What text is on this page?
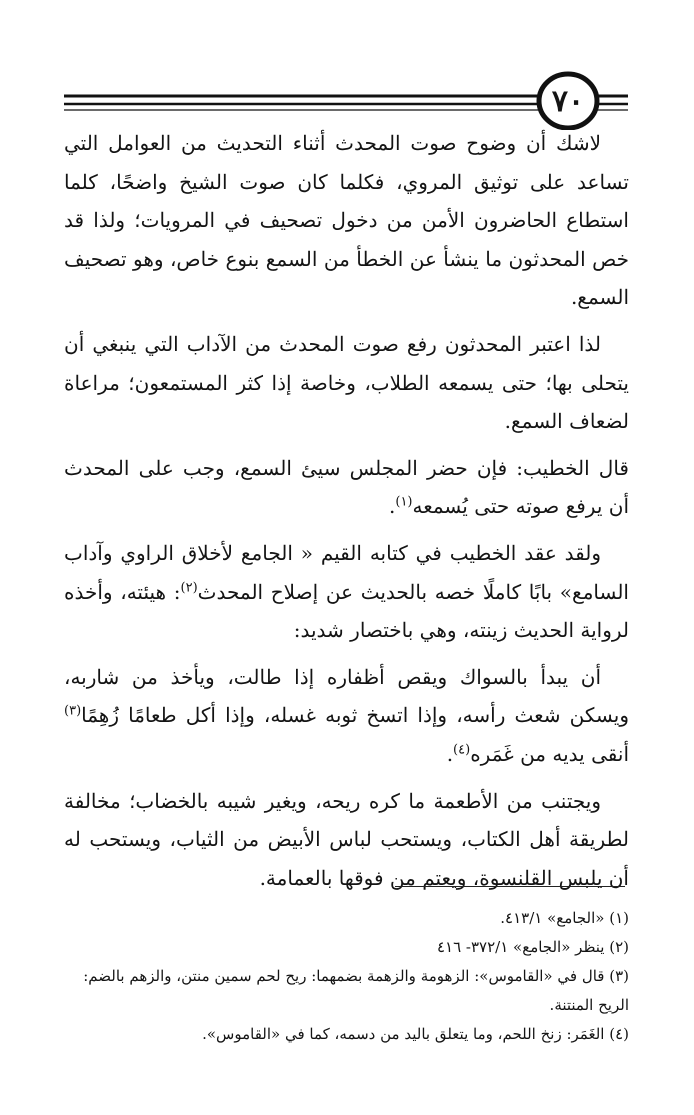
٧٠

لاشك أن وضوح صوت المحدث أثناء التحديث من العوامل التي تساعد على توثيق المروي، فكلما كان صوت الشيخ واضحًا، كلما استطاع الحاضرون الأمن من دخول تصحيف في المرويات؛ ولذا قد خص المحدثون ما ينشأ عن الخطأ من السمع بنوع خاص، وهو تصحيف السمع.

لذا اعتبر المحدثون رفع صوت المحدث من الآداب التي ينبغي أن يتحلى بها؛ حتى يسمعه الطلاب، وخاصة إذا كثر المستمعون؛ مراعاة لضعاف السمع.

قال الخطيب: فإن حضر المجلس سيئ السمع، وجب على المحدث أن يرفع صوته حتى يُسمعه$^{(١)}$.

ولقد عقد الخطيب في كتابه القيم « الجامع لأخلاق الراوي وآداب السامع» بابًا كاملًا خصه بالحديث عن إصلاح المحدث$^{(٢)}$: هيئته، وأخذه لرواية الحديث زينته، وهي باختصار شديد:

أن يبدأ بالسواك ويقص أظفاره إذا طالت، ويأخذ من شاربه، ويسكن شعث رأسه، وإذا اتسخ ثوبه غسله، وإذا أكل طعامًا زُهِمًا$^{(٣)}$ أنقى يديه من غَمَره$^{(٤)}$.

ويجتنب من الأطعمة ما كره ريحه، ويغير شيبه بالخضاب؛ مخالفة لطريقة أهل الكتاب، ويستحب لباس الأبيض من الثياب، ويستحب له أن يلبس القلنسوة، ويعتم من فوقها بالعمامة.

(١) «الجامع» ٤١٣/١.

(٢) ينظر «الجامع» ٣٧٢/١- ٤١٦

(٣) قال في «القاموس»: الزهومة والزهمة بضمهما: ريح لحم سمين منتن، والزهم بالضم: الريح المنتنة.

(٤) الغَمَر: زنخ اللحم، وما يتعلق باليد من دسمه، كما في «القاموس».
